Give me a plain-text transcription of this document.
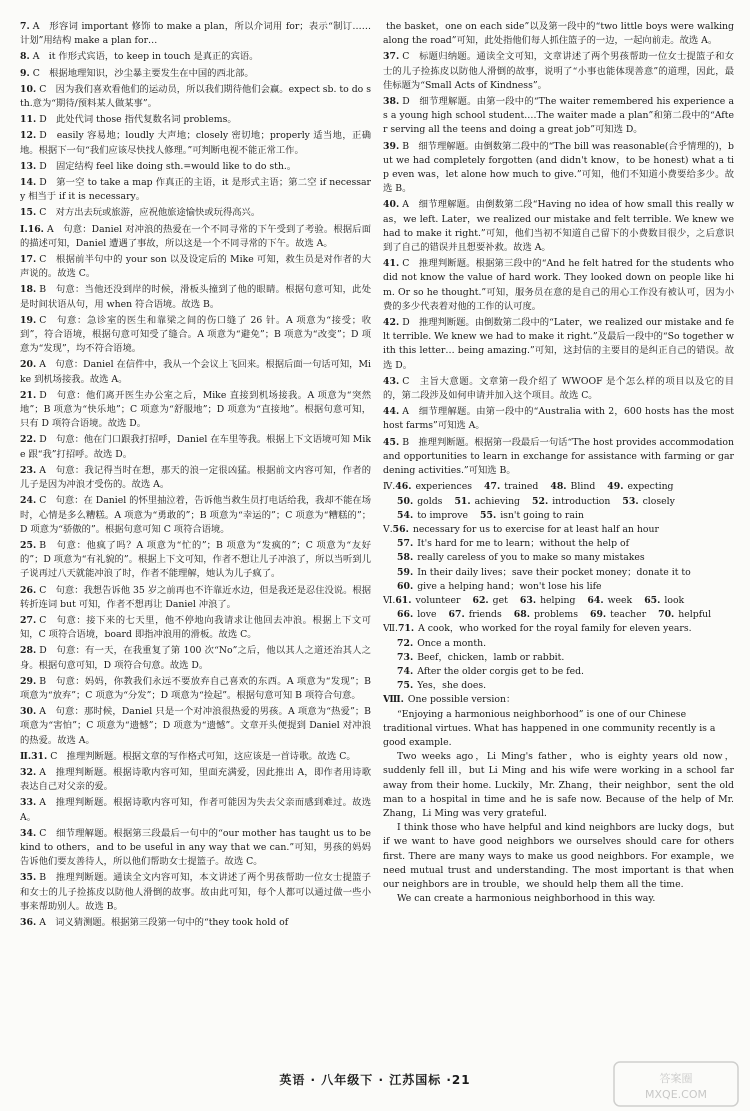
7. A　形容词 important 修饰 to make a plan，所以介词用 for；表示“制订……计划”用结构 make a plan for…

8. A　it 作形式宾语，to keep in touch 是真正的宾语。

9. C　根据地理知识，沙尘暴主要发生在中国的西北部。

10. C　因为我们喜欢看他们的运动员，所以我们期待他们会赢。expect sb. to do sth.意为“期待/预料某人做某事”。

11. D　此处代词 those 指代复数名词 problems。

12. D　easily 容易地；loudly 大声地；closely 密切地；properly 适当地，正确地。根据下一句“我们应该尽快找人修理。”可判断电视不能正常工作。

13. D　固定结构 feel like doing sth.=would like to do sth.。

14. D　第一空 to take a map 作真正的主语，it 是形式主语；第二空 if necessary 相当于 if it is necessary。

15. C　对方出去玩或旅游，应祝他旅途愉快或玩得高兴。

Ⅰ.16. A　句意：Daniel 对冲浪的热爱在一个不同寻常的下午受到了考验。根据后面的描述可知，Daniel 遭遇了事故，所以这是一个不同寻常的下午。故选 A。

17. C　根据前半句中的 your son 以及设定后的 Mike 可知，救生员是对作者的大声说的。故选 C。

18. B　句意：当他还没到岸的时候，滑板头撞到了他的眼睛。根据句意可知，此处是时间状语从句，用 when 符合语境。故选 B。

19. C　句意：急诊室的医生和靠梁之间的伤口缝了 26 针。A 项意为“接受；收到”，符合语境，根据句意可知受了缝合。A 项意为“避免”；B 项意为“改变”；D 项意为“发现”，均不符合语境。

20. A　句意：Daniel 在信件中，我从一个会议上飞回来。根据后面一句话可知，Mike 到机场接我。故选 A。

21. D　句意：他们离开医生办公室之后，Mike 直接到机场接我。A 项意为“突然地”；B 项意为“快乐地”；C 项意为“舒服地”；D 项意为“直接地”。根据句意可知，只有 D 项符合语境。故选 D。

22. D　句意：他在门口跟我打招呼，Daniel 在车里等我。根据上下文语境可知 Mike 跟“我”打招呼。故选 D。

23. A　句意：我记得当时在想，那天的浪一定很凶猛。根据前文内容可知，作者的儿子是因为冲浪才受伤的。故选 A。

24. C　句意：在 Daniel 的怀里抽泣着，告诉他当救生员打电话给我，我却不能在场时，心情是多么糟糕。A 项意为“勇敢的”；B 项意为“幸运的”；C 项意为“糟糕的”；D 项意为“骄傲的”。根据句意可知 C 项符合语境。

25. B　句意：他疯了吗？A 项意为“忙的”；B 项意为“发疯的”；C 项意为“友好的”；D 项意为“有礼貌的”。根据上下文可知，作者不想让儿子冲浪了，所以当听到儿子说再过八天就能冲浪了时，作者不能理解，她认为儿子疯了。

26. C　句意：我想告诉他 35 岁之前再也不许靠近水边，但是我还是忍住没说。根据转折连词 but 可知，作者不想再让 Daniel 冲浪了。

27. C　句意：接下来的七天里，他不停地向我请求让他回去冲浪。根据上下文可知，C 项符合语境，board 即指冲浪用的滑板。故选 C。

28. D　句意：有一天，在我重复了第 100 次“No”之后，他以其人之道还治其人之身。根据句意可知，D 项符合句意。故选 D。

29. B　句意：妈妈，你教我们永远不要放弃自己喜欢的东西。A 项意为“发现”；B 项意为“放弃”；C 项意为“分发”；D 项意为“捡起”。根据句意可知 B 项符合句意。

30. A　句意：那时候，Daniel 只是一个对冲浪很热爱的男孩。A 项意为“热爱”；B 项意为“害怕”；C 项意为“遗憾”；D 项意为“遗憾”。文章开头便提到 Daniel 对冲浪的热爱。故选 A。

Ⅱ.31. C　推理判断题。根据文章的写作格式可知，这应该是一首诗歌。故选 C。

32. A　推理判断题。根据诗歌内容可知，里面充满爱，因此推出 A，即作者用诗歌表达自己对父亲的爱。

33. A　推理判断题。根据诗歌内容可知，作者可能因为失去父亲而感到难过。故选 A。

34. C　细节理解题。根据第三段最后一句中的“our mother has taught us to be kind to others，and to be useful in any way that we can.”可知，男孩的妈妈告诉他们要友善待人，所以他们帮助女士提篮子。故选 C。

35. B　推理判断题。通读全文内容可知，本文讲述了两个男孩帮助一位女士提篮子和女士的儿子捡拣皮以防他人滑倒的故事。故由此可知，每个人都可以通过做一些小事来帮助别人。故选 B。

36. A　词义猜测题。根据第三段第一句中的“they took hold of

the basket，one on each side”以及第一段中的“two little boys were walking along the road”可知，此处指他们每人抓住篮子的一边，一起向前走。故选 A。

37. C　标题归纳题。通读全文可知，文章讲述了两个男孩帮助一位女士提篮子和女士的儿子捡拣皮以防他人滑倒的故事，说明了“小事也能体现善意”的道理，因此，最佳标题为“Small Acts of Kindness”。

38. D　细节理解题。由第一段中的“The waiter remembered his experience as a young high school student.…The waiter made a plan”和第二段中的“After serving all the teens and doing a great job”可知选 D。

39. B　细节理解题。由倒数第二段中的“The bill was reasonable(合乎情理的)，but we had completely forgotten (and didn't know，to be honest) what a tip even was，let alone how much to give.”可知，他们不知道小费要给多少。故选 B。

40. A　细节理解题。由倒数第二段“Having no idea of how small this really was，we left. Later，we realized our mistake and felt terrible. We knew we had to make it right.”可知，他们当初不知道自己留下的小费数目很少，之后意识到了自己的错误并且想要补救。故选 A。

41. C　推理判断题。根据第三段中的“And he felt hatred for the students who did not know the value of hard work. They looked down on people like him. Or so he thought.”可知，服务员在意的是自己的用心工作没有被认可，因为小费的多少代表着对他的工作的认可度。

42. D　推理判断题。由倒数第二段中的“Later，we realized our mistake and felt terrible. We knew we had to make it right.”及最后一段中的“So together with this letter… being amazing.”可知，这封信的主要目的是纠正自己的错误。故选 D。

43. C　主旨大意题。文章第一段介绍了 WWOOF 是个怎么样的项目以及它的目的，第二段涉及如何申请并加入这个项目。故选 C。

44. A　细节理解题。由第一段中的“Australia with 2，600 hosts has the most host farms”可知选 A。

45. B　推理判断题。根据第一段最后一句话“The host provides accommodation and opportunities to learn in exchange for assistance with farming or gardening activities.”可知选 B。

Ⅳ.46. experiences 47. trained 48. Blind 49. expecting

50. golds 51. achieving 52. introduction 53. closely

54. to improve 55. isn't going to rain

Ⅴ.56. necessary for us to exercise for at least half an hour

57. It's hard for me to learn；without the help of

58. really careless of you to make so many mistakes

59. In their daily lives；save their pocket money；donate it to

60. give a helping hand；won't lose his life

Ⅵ.61. volunteer 62. get 63. helping 64. week 65. look

66. love 67. friends 68. problems 69. teacher 70. helpful

Ⅶ.71. A cook，who worked for the royal family for eleven years.

72. Once a month.

73. Beef，chicken，lamb or rabbit.

74. After the older corgis get to be fed.

75. Yes，she does.

Ⅷ. One possible version：

“Enjoying a harmonious neighborhood” is one of our Chinese traditional virtues. What has happened in one community recently is a good example.

Two weeks ago，Li Ming's father，who is eighty years old now，suddenly fell ill，but Li Ming and his wife were working in a school far away from their home. Luckily，Mr. Zhang，their neighbor，sent the old man to a hospital in time and he is safe now. Because of the help of Mr. Zhang，Li Ming was very grateful.

I think those who have helpful and kind neighbors are lucky dogs，but if we want to have good neighbors we ourselves should care for others first. There are many ways to make us good neighbors. For example，we need mutual trust and understanding. The most important is that when our neighbors are in trouble，we should help them all the time.

We can create a harmonious neighborhood in this way.

英语 · 八年级下 · 江苏国标 ·21	答案圈
MXQE.COM
